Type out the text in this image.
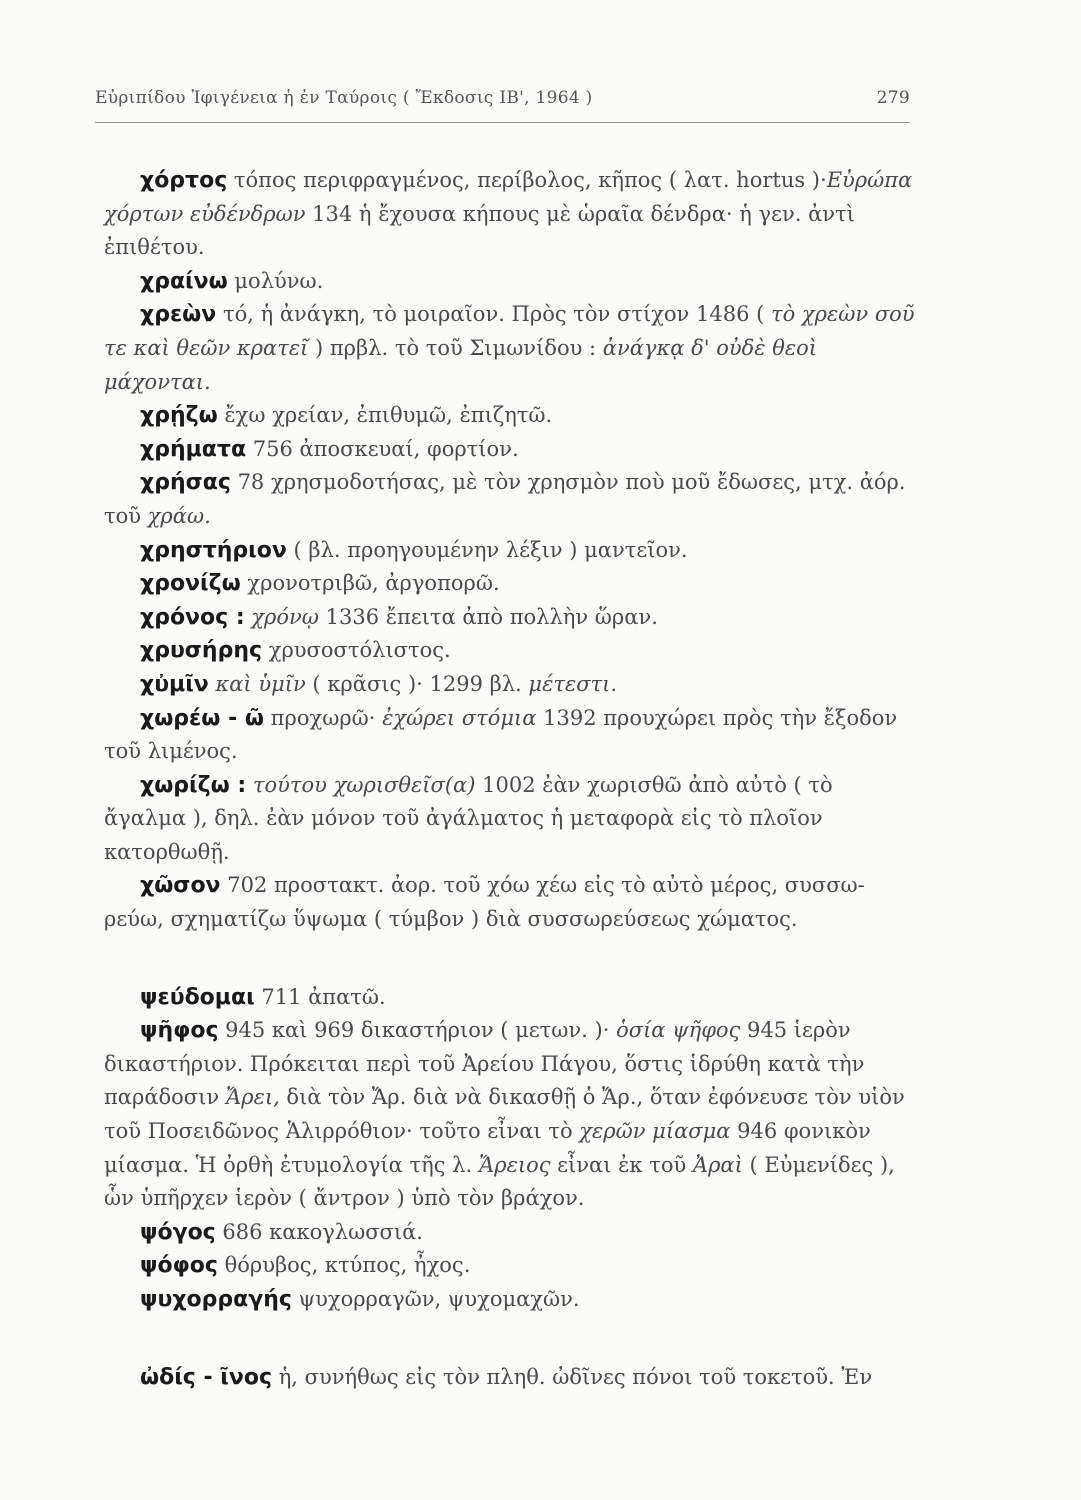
Εὐριπίδου Ἰφιγένεια ἡ ἐν Ταύροις ( Ἔκδοσις ΙΒ', 1964 )	279

χόρτος τόπος περιφραγμένος, περίβολος, κῆπος ( λατ. hortus )·Εὐρώπα χόρτων εὐδένδρων 134 ἡ ἔχουσα κήπους μὲ ὡραῖα δένδρα· ἡ γεν. ἀντὶ ἐπιθέτου.

χραίνω μολύνω.

χρεὼν τό, ἡ ἀνάγκη, τὸ μοιραῖον. Πρὸς τὸν στίχον 1486 ( τὸ χρεὼν σοῦ τε καὶ θεῶν κρατεῖ ) πρβλ. τὸ τοῦ Σιμωνίδου : ἀνάγκᾳ δ' οὐδὲ θεοὶ μάχονται.

χρῄζω ἔχω χρείαν, ἐπιθυμῶ, ἐπιζητῶ.

χρήματα 756 ἀποσκευαί, φορτίον.

χρήσας 78 χρησμοδοτήσας, μὲ τὸν χρησμὸν ποὺ μοῦ ἔδωσες, μτχ. ἀόρ. τοῦ χράω.

χρηστήριον ( βλ. προηγουμένην λέξιν ) μαντεῖον.

χρονίζω χρονοτριβῶ, ἀργοπορῶ.

χρόνος : χρόνῳ 1336 ἔπειτα ἀπὸ πολλὴν ὥραν.

χρυσήρης χρυσοστόλιστος.

χὐμῖν καὶ ὑμῖν ( κρᾶσις )· 1299 βλ. μέτεστι.

χωρέω - ῶ προχωρῶ· ἐχώρει στόμια 1392 προυχώρει πρὸς τὴν ἔξοδον τοῦ λιμένος.

χωρίζω : τούτου χωρισθεῖσ(α) 1002 ἐὰν χωρισθῶ ἀπὸ αὐτὸ ( τὸ ἄγαλμα ), δηλ. ἐὰν μόνον τοῦ ἀγάλματος ἡ μεταφορὰ εἰς τὸ πλοῖον κατορθωθῇ.

χῶσον 702 προστακτ. ἀορ. τοῦ χόω χέω εἰς τὸ αὐτὸ μέρος, συσσω-ρεύω, σχηματίζω ὕψωμα ( τύμβον ) διὰ συσσωρεύσεως χώματος.

ψεύδομαι 711 ἀπατῶ.

ψῆφος 945 καὶ 969 δικαστήριον ( μετων. )· ὁσία ψῆφος 945 ἱερὸν δικαστήριον. Πρόκειται περὶ τοῦ Ἀρείου Πάγου, ὅστις ἱδρύθη κατὰ τὴν παράδοσιν Ἄρει, διὰ τὸν Ἄρ. διὰ νὰ δικασθῇ ὁ Ἄρ., ὅταν ἐφόνευσε τὸν υἱὸν τοῦ Ποσειδῶνος Ἁλιρρόθιον· τοῦτο εἶναι τὸ χερῶν μίασμα 946 φονικὸν μίασμα. Ἡ ὀρθὴ ἐτυμολογία τῆς λ. Ἄρειος εἶναι ἐκ τοῦ Ἀραὶ ( Εὐμενίδες ), ὧν ὑπῆρχεν ἱερὸν ( ἄντρον ) ὑπὸ τὸν βράχον.

ψόγος 686 κακογλωσσιά.

ψόφος θόρυβος, κτύπος, ἦχος.

ψυχορραγής ψυχορραγῶν, ψυχομαχῶν.

ὠδίς - ῖνος ἡ, συνήθως εἰς τὸν πληθ. ὠδῖνες πόνοι τοῦ τοκετοῦ. Ἐν
